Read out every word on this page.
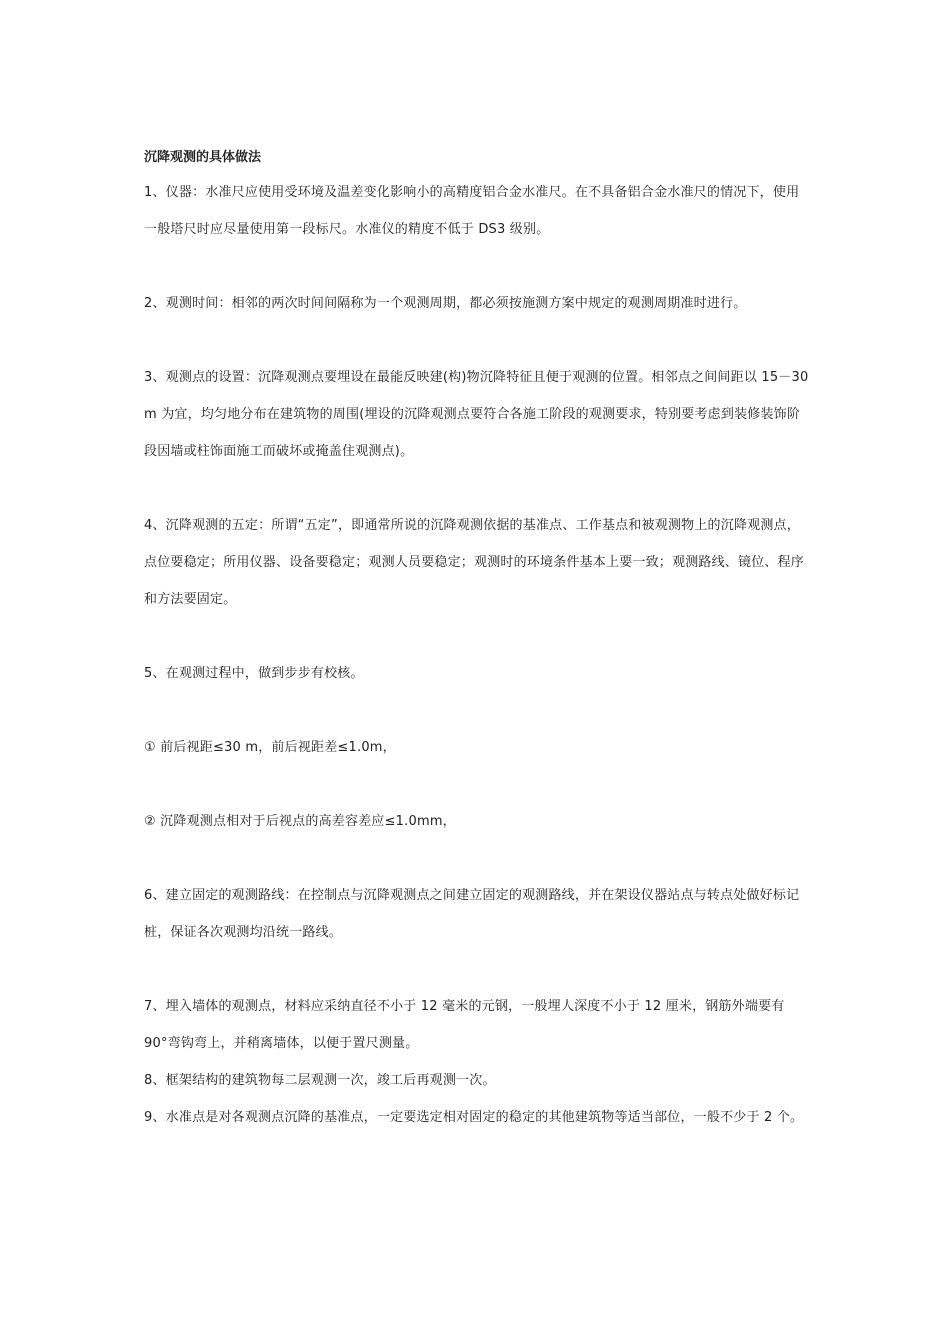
沉降观测的具体做法

1、仪器：水准尺应使用受环境及温差变化影响小的高精度铝合金水准尺。在不具备铝合金水准尺的情况下，使用一般塔尺时应尽量使用第一段标尺。水准仪的精度不低于 DS3 级别。

2、观测时间：相邻的两次时间间隔称为一个观测周期，都必须按施测方案中规定的观测周期准时进行。

3、观测点的设置：沉降观测点要埋设在最能反映建(构)物沉降特征且便于观测的位置。相邻点之间间距以 15－30 m 为宜，均匀地分布在建筑物的周围(埋设的沉降观测点要符合各施工阶段的观测要求，特别要考虑到装修装饰阶段因墙或柱饰面施工而破坏或掩盖住观测点)。

4、沉降观测的五定：所谓“五定”，即通常所说的沉降观测依据的基准点、工作基点和被观测物上的沉降观测点，点位要稳定；所用仪器、设备要稳定；观测人员要稳定；观测时的环境条件基本上要一致；观测路线、镜位、程序和方法要固定。

5、在观测过程中，做到步步有校核。

① 前后视距≤30 m，前后视距差≤1.0m，

② 沉降观测点相对于后视点的高差容差应≤1.0mm，

6、建立固定的观测路线：在控制点与沉降观测点之间建立固定的观测路线，并在架设仪器站点与转点处做好标记桩，保证各次观测均沿统一路线。

7、埋入墙体的观测点，材料应采纳直径不小于 12 毫米的元钢，一般埋人深度不小于 12 厘米，钢筋外端要有 90°弯钩弯上，并稍离墙体，以便于置尺测量。

8、框架结构的建筑物每二层观测一次，竣工后再观测一次。

9、水准点是对各观测点沉降的基准点，一定要选定相对固定的稳定的其他建筑物等适当部位，一般不少于 2 个。
